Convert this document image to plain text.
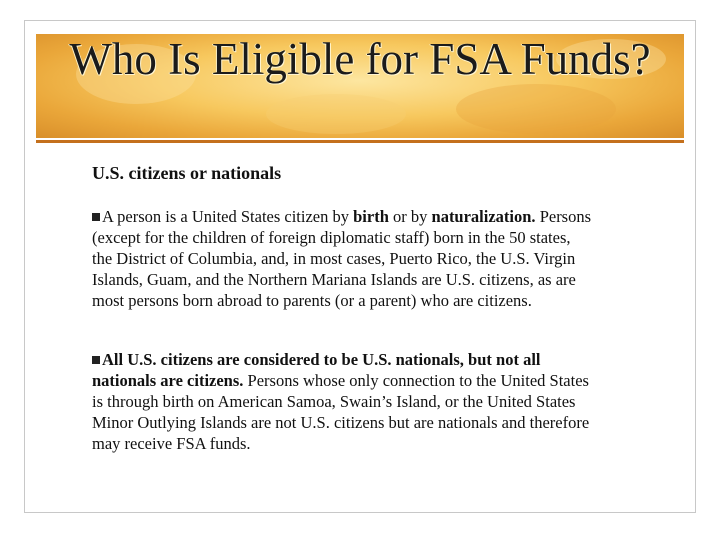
Who Is Eligible for FSA Funds?
U.S. citizens or nationals
A person is a United States citizen by birth or by naturalization. Persons (except for the children of foreign diplomatic staff) born in the 50 states, the District of Columbia, and, in most cases, Puerto Rico, the U.S. Virgin Islands, Guam, and the Northern Mariana Islands are U.S. citizens, as are most persons born abroad to parents (or a parent) who are citizens.
All U.S. citizens are considered to be U.S. nationals, but not all nationals are citizens. Persons whose only connection to the United States is through birth on American Samoa, Swain’s Island, or the United States Minor Outlying Islands are not U.S. citizens but are nationals and therefore may receive FSA funds.
